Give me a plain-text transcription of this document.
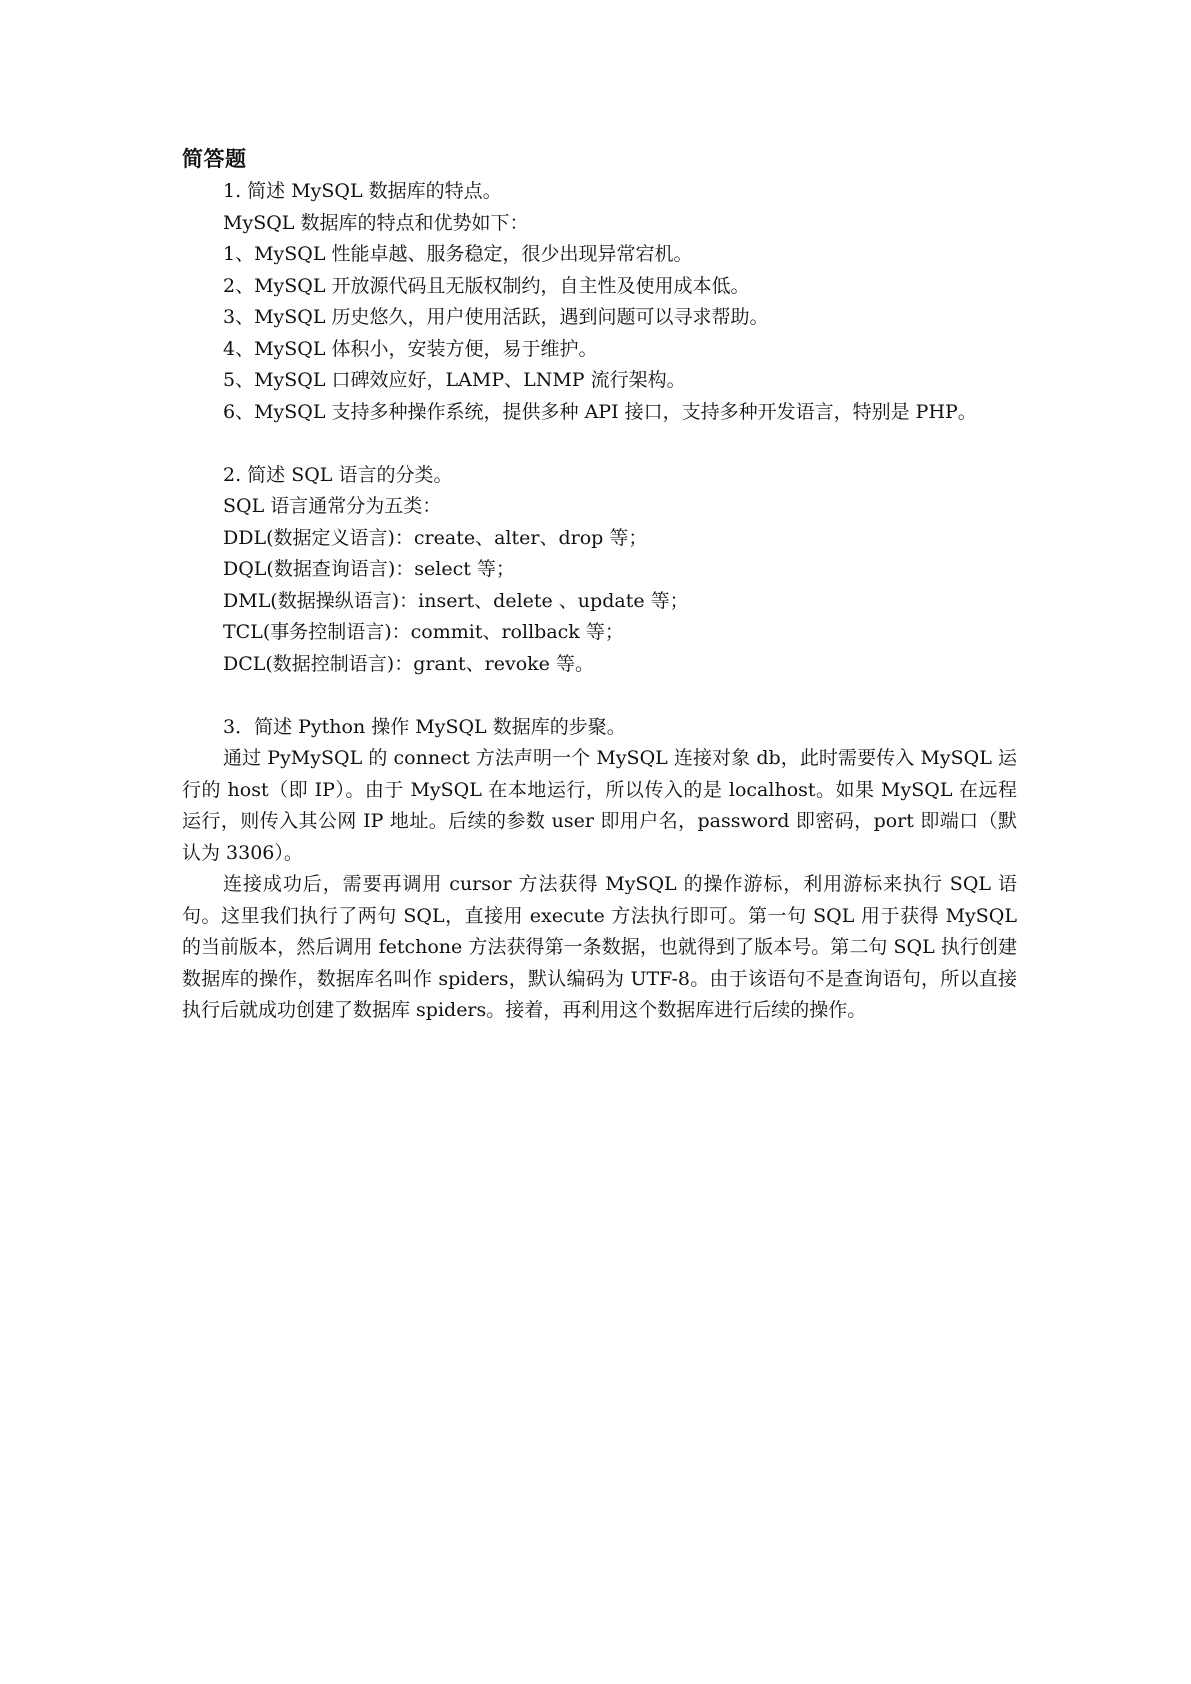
简答题

1. 简述 MySQL 数据库的特点。

MySQL 数据库的特点和优势如下：

1、MySQL 性能卓越、服务稳定，很少出现异常宕机。

2、MySQL 开放源代码且无版权制约，自主性及使用成本低。

3、MySQL 历史悠久，用户使用活跃，遇到问题可以寻求帮助。

4、MySQL 体积小，安装方便，易于维护。

5、MySQL 口碑效应好，LAMP、LNMP 流行架构。

6、MySQL 支持多种操作系统，提供多种 API 接口，支持多种开发语言，特别是 PHP。

2. 简述 SQL 语言的分类。

SQL 语言通常分为五类：

DDL(数据定义语言)：create、alter、drop 等；

DQL(数据查询语言)：select 等；

DML(数据操纵语言)：insert、delete 、update 等；

TCL(事务控制语言)：commit、rollback 等；

DCL(数据控制语言)：grant、revoke 等。

3．简述 Python 操作 MySQL 数据库的步聚。

通过 PyMySQL 的 connect 方法声明一个 MySQL 连接对象 db，此时需要传入 MySQL 运行的 host（即 IP）。由于 MySQL 在本地运行，所以传入的是 localhost。如果 MySQL 在远程运行，则传入其公网 IP 地址。后续的参数 user 即用户名，password 即密码，port 即端口（默认为 3306）。

连接成功后，需要再调用 cursor 方法获得 MySQL 的操作游标，利用游标来执行 SQL 语句。这里我们执行了两句 SQL，直接用 execute 方法执行即可。第一句 SQL 用于获得 MySQL 的当前版本，然后调用 fetchone 方法获得第一条数据，也就得到了版本号。第二句 SQL 执行创建数据库的操作，数据库名叫作 spiders，默认编码为 UTF-8。由于该语句不是查询语句，所以直接执行后就成功创建了数据库 spiders。接着，再利用这个数据库进行后续的操作。
